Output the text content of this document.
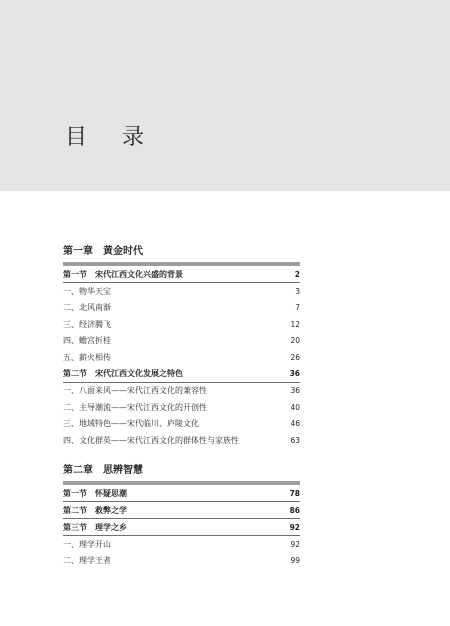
目 录
第一章　黄金时代
第一节　宋代江西文化兴盛的背景	2
一、物华天宝	3
二、北风南渐	7
三、经济腾飞	12
四、蟾宫折桂	20
五、薪火相传	26
第二节　宋代江西文化发展之特色	36
一、八面来风——宋代江西文化的兼容性	36
二、主导潮流——宋代江西文化的开创性	40
三、地域特色——宋代临川、庐陵文化	46
四、文化群英——宋代江西文化的群体性与家族性	63
第二章　思辨智慧
第一节　怀疑思潮	78
第二节　救弊之学	86
第三节　理学之乡	92
一、理学开山	92
二、理学王者	99
